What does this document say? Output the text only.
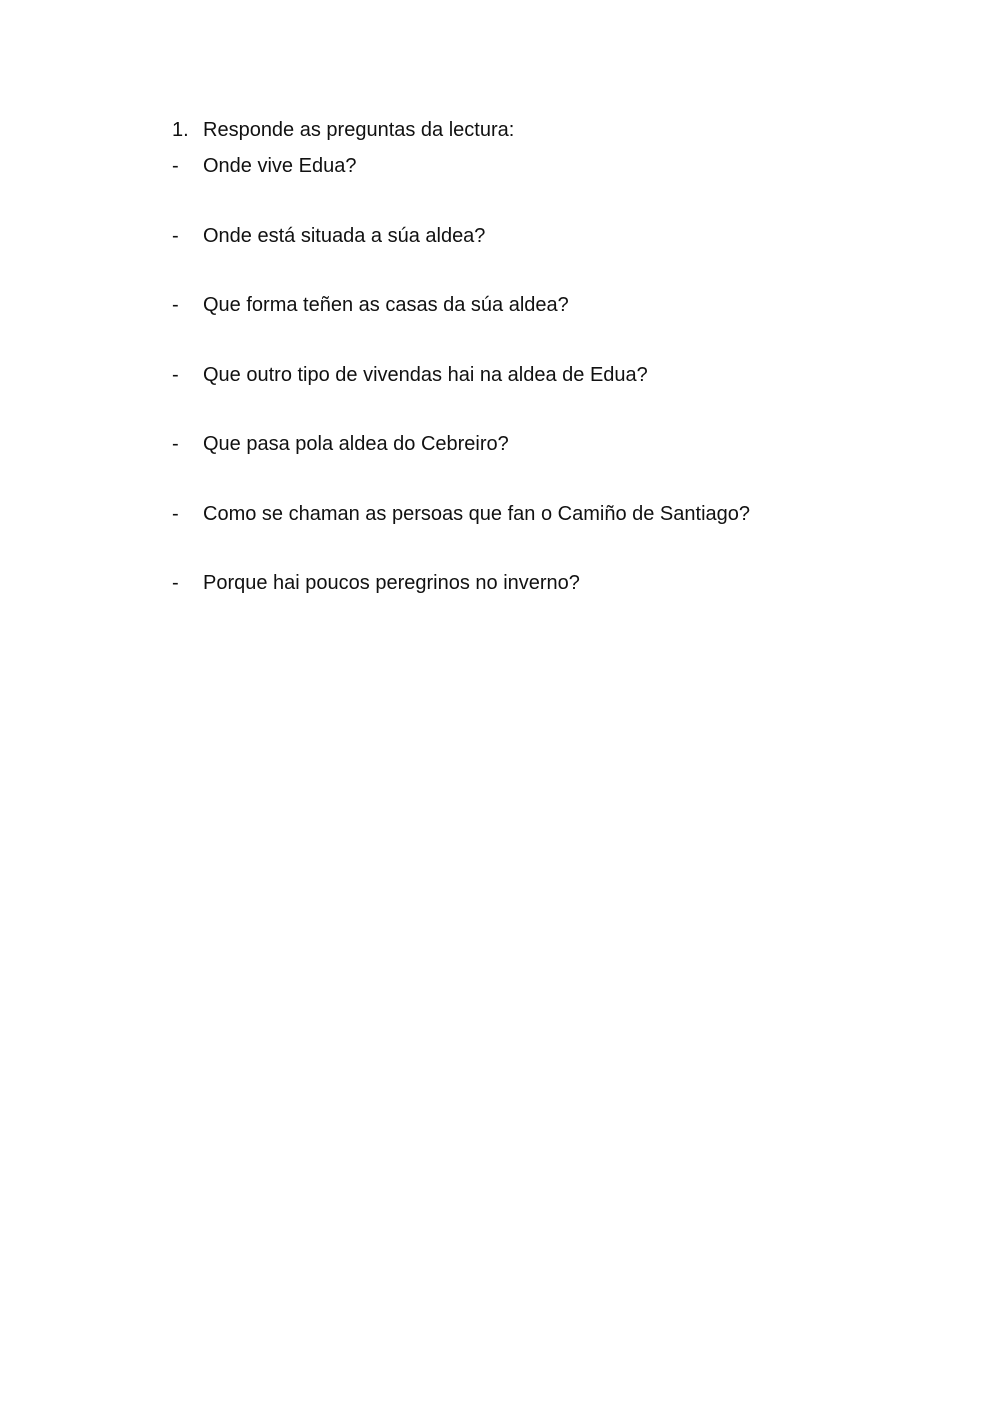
1. Responde as preguntas da lectura:
-	Onde vive Edua?
-	Onde está situada a súa aldea?
-	Que forma teñen as casas da súa aldea?
-	Que outro tipo de vivendas hai na aldea de Edua?
-	Que pasa pola aldea do Cebreiro?
-	Como se chaman as persoas que fan o Camiño de Santiago?
-	Porque hai poucos peregrinos no inverno?
